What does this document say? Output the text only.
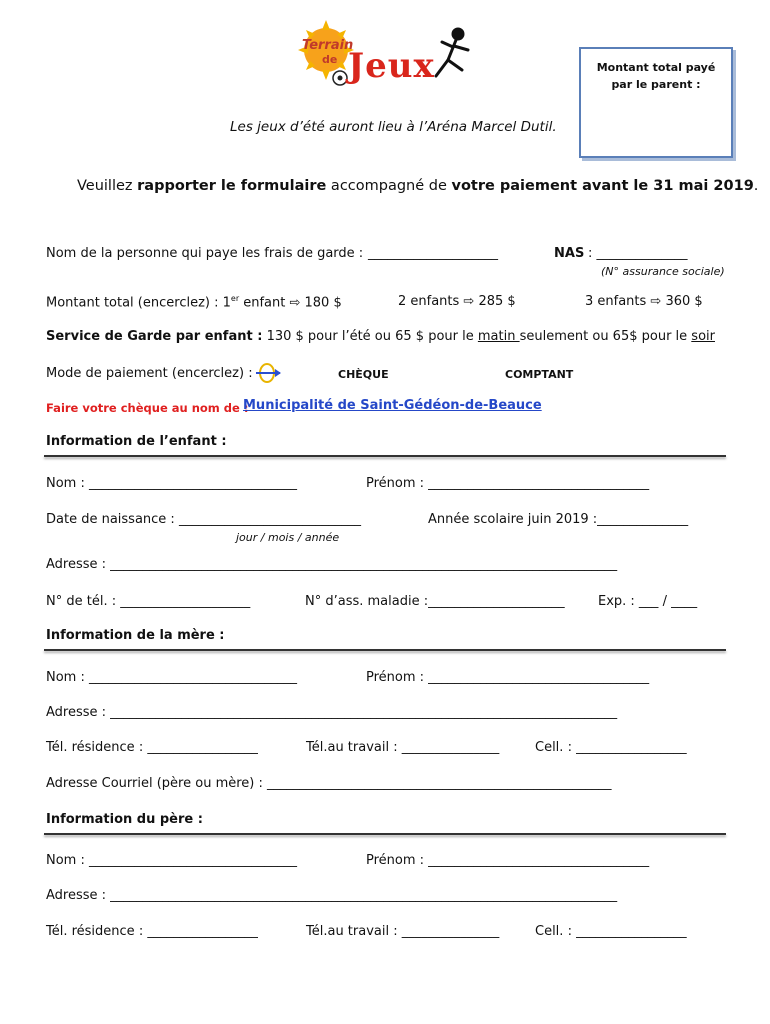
Terrain
de Jeux	Montant total payé par le parent :
Les jeux d’été auront lieu à l’Aréna Marcel Dutil.
Veuillez rapporter le formulaire accompagné de votre paiement avant le 31 mai 2019.
Nom de la personne qui paye les frais de garde : ____________________	NAS : ______________
(N° assurance sociale)
Montant total (encerclez) : 1er enfant ⇨ 180 $	2 enfants ⇨ 285 $	3 enfants ⇨ 360 $
Service de Garde par enfant : 130 $ pour l’été ou 65 $ pour le matin seulement ou 65$ pour le soir
Mode de paiement (encerclez) :	CHÈQUE	COMPTANT
Faire votre chèque au nom de :
Municipalité de Saint-Gédéon-de-Beauce
Information de l’enfant :
Nom : ________________________________	Prénom : __________________________________
Date de naissance : ____________________________	Année scolaire juin 2019 :______________
jour / mois / année
Adresse : ______________________________________________________________________________
N° de tél. : ____________________	N° d’ass. maladie :_____________________	Exp. : ___ / ____
Information de la mère :
Nom : ________________________________	Prénom : __________________________________
Adresse : ______________________________________________________________________________
Tél. résidence : _________________	Tél.au travail : _______________	Cell. : _________________
Adresse Courriel (père ou mère) : _____________________________________________________
Information du père :
Nom : ________________________________	Prénom : __________________________________
Adresse : ______________________________________________________________________________
Tél. résidence : _________________	Tél.au travail : _______________	Cell. : _________________
